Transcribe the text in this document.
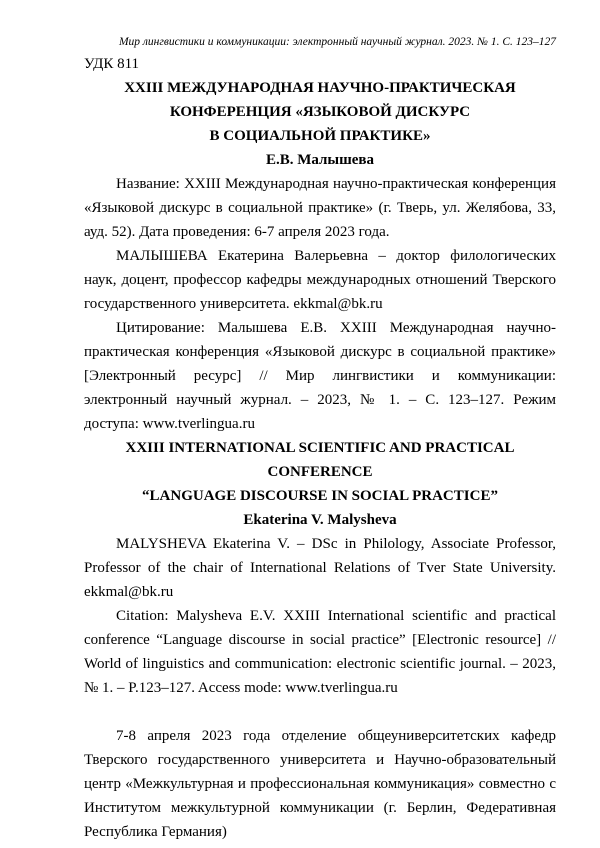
Мир лингвистики и коммуникации: электронный научный журнал. 2023. № 1. С. 123–127
УДК 811
XXIII МЕЖДУНАРОДНАЯ НАУЧНО-ПРАКТИЧЕСКАЯ
КОНФЕРЕНЦИЯ «ЯЗЫКОВОЙ ДИСКУРС
В СОЦИАЛЬНОЙ ПРАКТИКЕ»
Е.В. Малышева

Название: XXIII Международная научно-практическая конференция «Языковой дискурс в социальной практике» (г. Тверь, ул. Желябова, 33, ауд. 52). Дата проведения: 6-7 апреля 2023 года.

МАЛЫШЕВА Екатерина Валерьевна – доктор филологических наук, доцент, профессор кафедры международных отношений Тверского государственного университета. ekkmal@bk.ru

Цитирование: Малышева Е.В. XXIII Международная научно-практическая конференция «Языковой дискурс в социальной практике» [Электронный ресурс] // Мир лингвистики и коммуникации: электронный научный журнал. – 2023, № 1. – С. 123–127. Режим доступа: www.tverlingua.ru

XXIII INTERNATIONAL SCIENTIFIC AND PRACTICAL CONFERENCE
“LANGUAGE DISCOURSE IN SOCIAL PRACTICE”
Ekaterina V. Malysheva

MALYSHEVA Ekaterina V. – DSc in Philology, Associate Professor, Professor of the chair of International Relations of Tver State University. ekkmal@bk.ru

Citation: Malysheva E.V. XXIII International scientific and practical conference “Language discourse in social practice” [Electronic resource] // World of linguistics and communication: electronic scientific journal. – 2023, № 1. – P.123–127. Access mode: www.tverlingua.ru

7-8 апреля 2023 года отделение общеуниверситетских кафедр Тверского государственного университета и Научно-образовательный центр «Межкультурная и профессиональная коммуникация» совместно с Институтом межкультурной коммуникации (г. Берлин, Федеративная Республика Германия)
